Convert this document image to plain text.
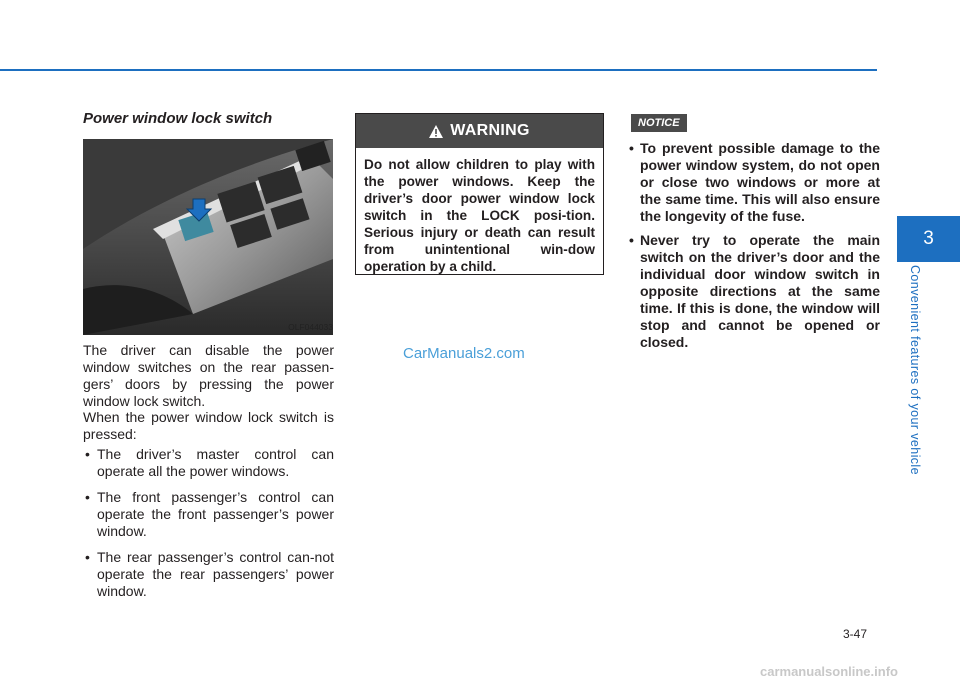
Power window lock switch
OLF044033
The driver can disable the power window switches on the rear passen-gers’ doors by pressing the power window lock switch.
When the power window lock switch is pressed:
• The driver’s master control can operate all the power windows.
• The front passenger’s control can operate the front passenger’s power window.
• The rear passenger’s control can-not operate the rear passengers’ power window.
WARNING
Do not allow children to play with the power windows. Keep the driver’s door power window lock switch in the LOCK posi-tion. Serious injury or death can result from unintentional win-dow operation by a child.
NOTICE
• To prevent possible damage to the power window system, do not open or close two windows or more at the same time. This will also ensure the longevity of the fuse.
• Never try to operate the main switch on the driver’s door and the individual door window switch in opposite directions at the same time. If this is done, the window will stop and cannot be opened or closed.
CarManuals2.com
3
Convenient features of your vehicle
3-47
carmanualsonline.info
